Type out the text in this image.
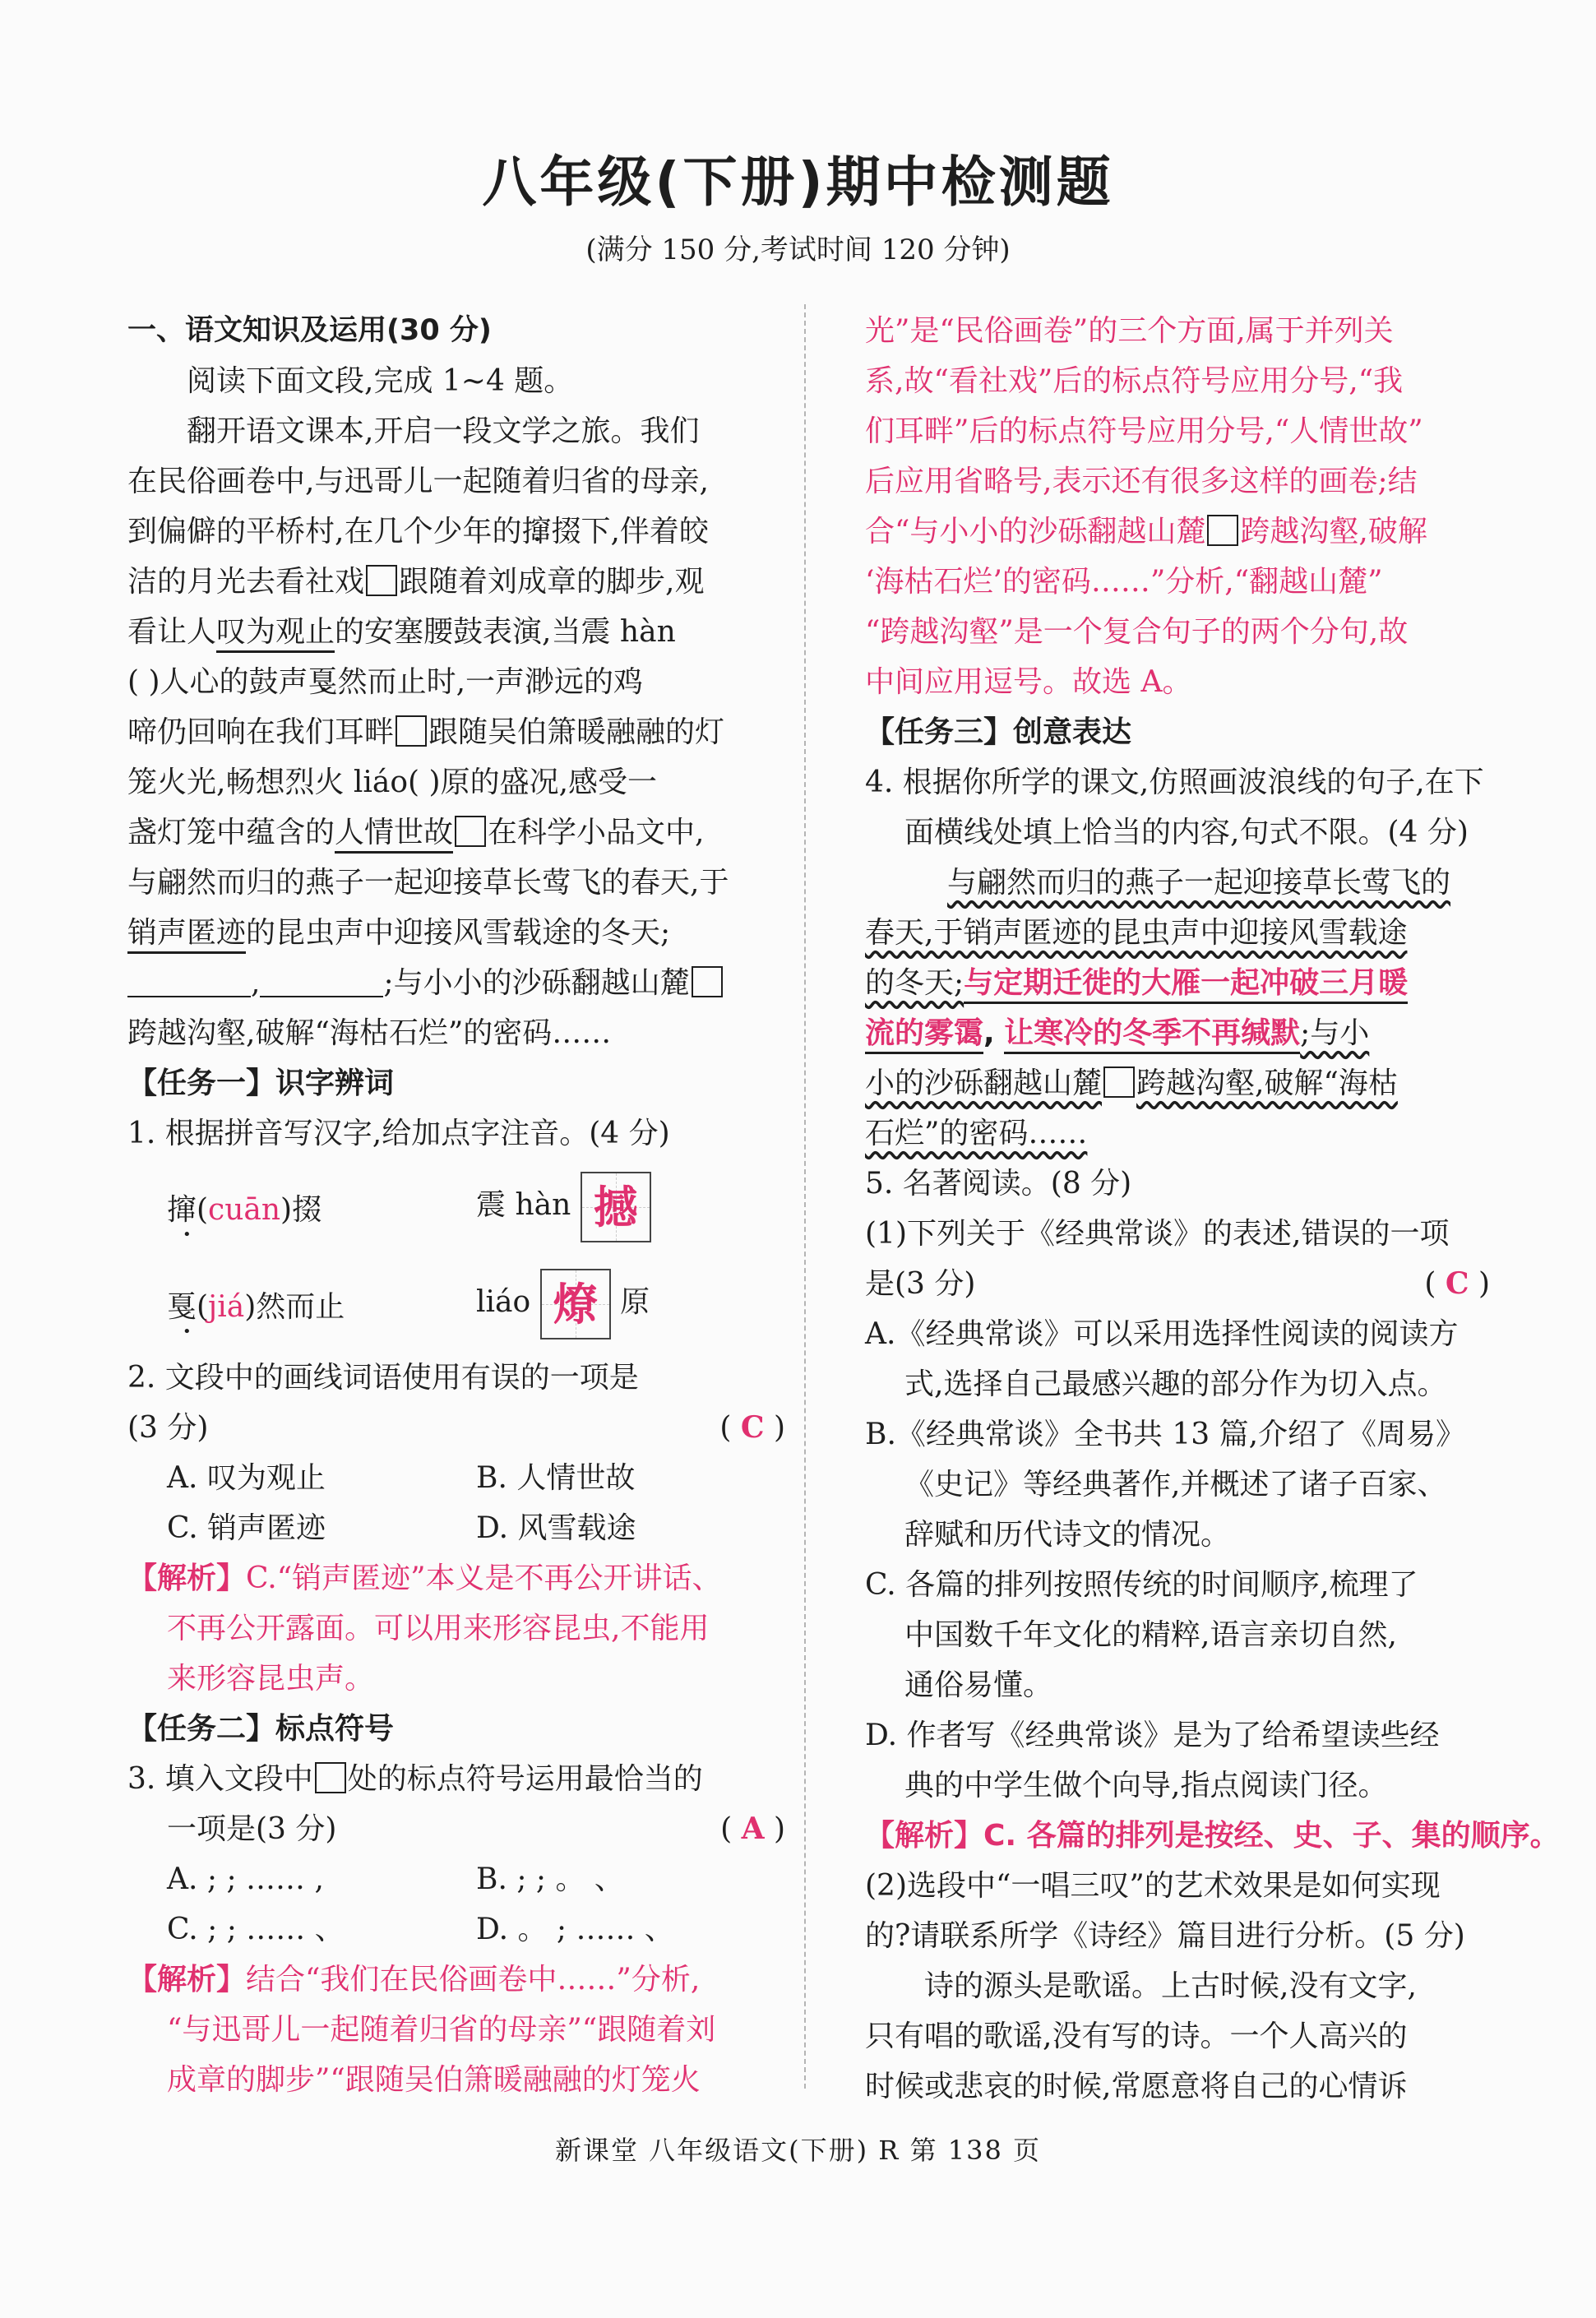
八年级(下册)期中检测题
(满分 150 分,考试时间 120 分钟)
一、语文知识及运用(30 分)
阅读下面文段,完成 1~4 题。
翻开语文课本,开启一段文学之旅。我们
在民俗画卷中,与迅哥儿一起随着归省的母亲,
到偏僻的平桥村,在几个少年的撺 •掇下,伴着皎
洁的月光去看社戏 跟随着刘成章的脚步,观
看让人叹为观止的安塞腰鼓表演,当震 hàn
( )人心的鼓声戛 •然而止时,一声渺远的鸡
啼仍回响在我们耳畔 跟随吴伯箫暖融融的灯
笼火光,畅想烈火 liáo( )原的盛况,感受一
盏灯笼中蕴含的人情世故 在科学小品文中,
与翩然而归的燕子一起迎接草长莺飞的春天,于
销声匿迹的昆虫声中迎接风雪载途的冬天;
,	;与小小的沙砾翻越山麓
跨越沟壑,破解“海枯石烂”的密码……
【任务一】识字辨词
1. 根据拼音写汉字,给加点字注音。(4 分)
撺( •cuān)掇	震 hàn 撼
戛( •jiá)然而止	liáo 燎 原
2. 文段中的画线词语使用有误的一项是
(3 分)	( C )
A. 叹为观止	B. 人情世故
C. 销声匿迹	D. 风雪载途
【解析】C.“销声匿迹”本义是不再公开讲话、
不再公开露面。可以用来形容昆虫,不能用
来形容昆虫声。
【任务二】标点符号
3. 填入文段中 处的标点符号运用最恰当的
一项是(3 分)	( A )
A. ; ; …… ,	B. ; ; 。 、
C. ; ; …… 、	D. 。 ; …… 、
【解析】结合“我们在民俗画卷中……”分析,
“与迅哥儿一起随着归省的母亲”“跟随着刘
成章的脚步”“跟随吴伯箫暖融融的灯笼火
光”是“民俗画卷”的三个方面,属于并列关
系,故“看社戏”后的标点符号应用分号,“我
们耳畔”后的标点符号应用分号,“人情世故”
后应用省略号,表示还有很多这样的画卷;结
合“与小小的沙砾翻越山麓 跨越沟壑,破解
‘海枯石烂’的密码……”分析,“翻越山麓”
“跨越沟壑”是一个复合句子的两个分句,故
中间应用逗号。故选 A。
【任务三】创意表达
4. 根据你所学的课文,仿照画波浪线的句子,在下
面横线处填上恰当的内容,句式不限。(4 分)
与翩然而归的燕子一起迎接草长莺飞的
春天,于销声匿迹的昆虫声中迎接风雪载途
的冬天;与定期迁徙的大雁一起冲破三月暖
流的雾霭, 让寒冷的冬季不再缄默;与小
小的沙砾翻越山麓 跨越沟壑,破解“海枯
石烂”的密码……
5. 名著阅读。(8 分)
(1)下列关于《经典常谈》的表述,错误的一项
是(3 分)	( C )
A.《经典常谈》可以采用选择性阅读的阅读方
式,选择自己最感兴趣的部分作为切入点。
B.《经典常谈》全书共 13 篇,介绍了《周易》
《史记》等经典著作,并概述了诸子百家、
辞赋和历代诗文的情况。
C. 各篇的排列按照传统的时间顺序,梳理了
中国数千年文化的精粹,语言亲切自然,
通俗易懂。
D. 作者写《经典常谈》是为了给希望读些经
典的中学生做个向导,指点阅读门径。
【解析】C. 各篇的排列是按经、史、子、集的顺序。
(2)选段中“一唱三叹”的艺术效果是如何实现
的?请联系所学《诗经》篇目进行分析。(5 分)
诗的源头是歌谣。上古时候,没有文字,
只有唱的歌谣,没有写的诗。一个人高兴的
时候或悲哀的时候,常愿意将自己的心情诉
新课堂 八年级语文(下册) R 第 138 页
